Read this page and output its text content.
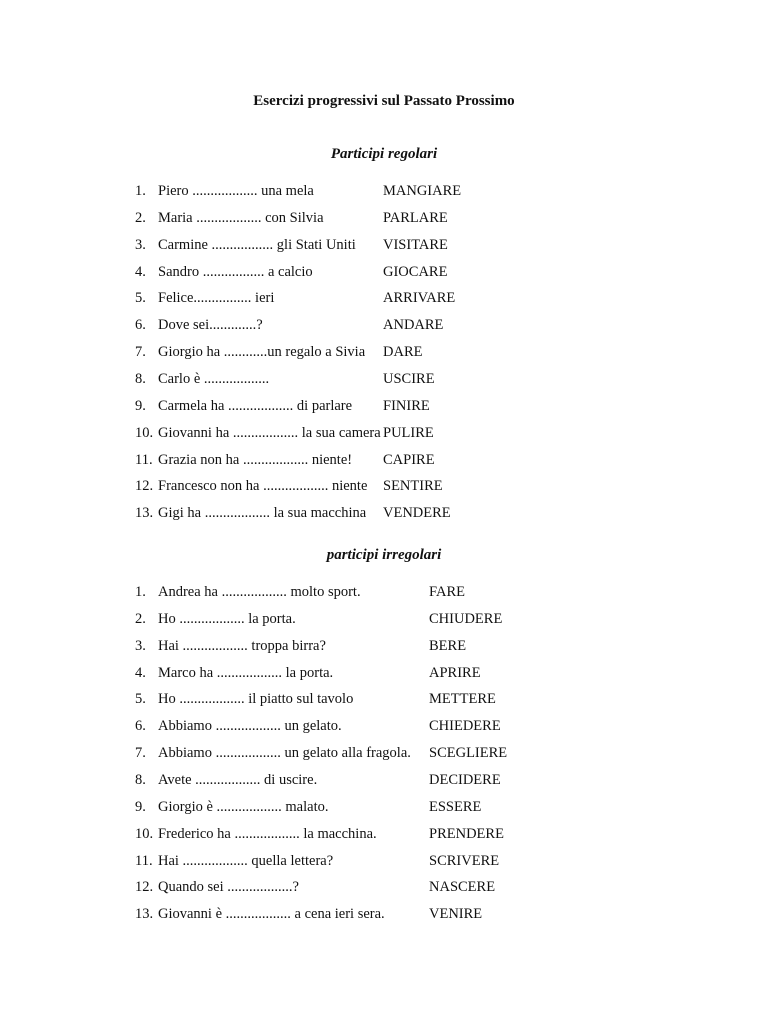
Esercizi progressivi sul Passato Prossimo
Participi regolari
1. Piero .................. una mela	MANGIARE
2. Maria .................. con Silvia	PARLARE
3. Carmine ................. gli Stati Uniti VISITARE
4. Sandro ................. a calcio	GIOCARE
5. Felice................ ieri	ARRIVARE
6. Dove sei.............?	ANDARE
7. Giorgio ha ............un regalo a Sivia DARE
8. Carlo è ..................	USCIRE
9. Carmela ha .................. di parlare FINIRE
10. Giovanni ha .................. la sua camera PULIRE
11. Grazia non ha .................. niente! CAPIRE
12. Francesco non ha .................. niente SENTIRE
13. Gigi ha .................. la sua macchina VENDERE
participi irregolari
1. Andrea ha .................. molto sport.	FARE
2. Ho .................. la porta.	CHIUDERE
3. Hai .................. troppa birra?	BERE
4. Marco ha .................. la porta.	APRIRE
5. Ho .................. il piatto sul tavolo	METTERE
6. Abbiamo .................. un gelato.	CHIEDERE
7. Abbiamo .................. un gelato alla fragola. SCEGLIERE
8. Avete .................. di uscire.	DECIDERE
9. Giorgio è .................. malato.	ESSERE
10. Frederico ha .................. la macchina.	PRENDERE
11. Hai .................. quella lettera?	SCRIVERE
12. Quando sei ..................?	NASCERE
13. Giovanni è .................. a cena ieri sera.	VENIRE
